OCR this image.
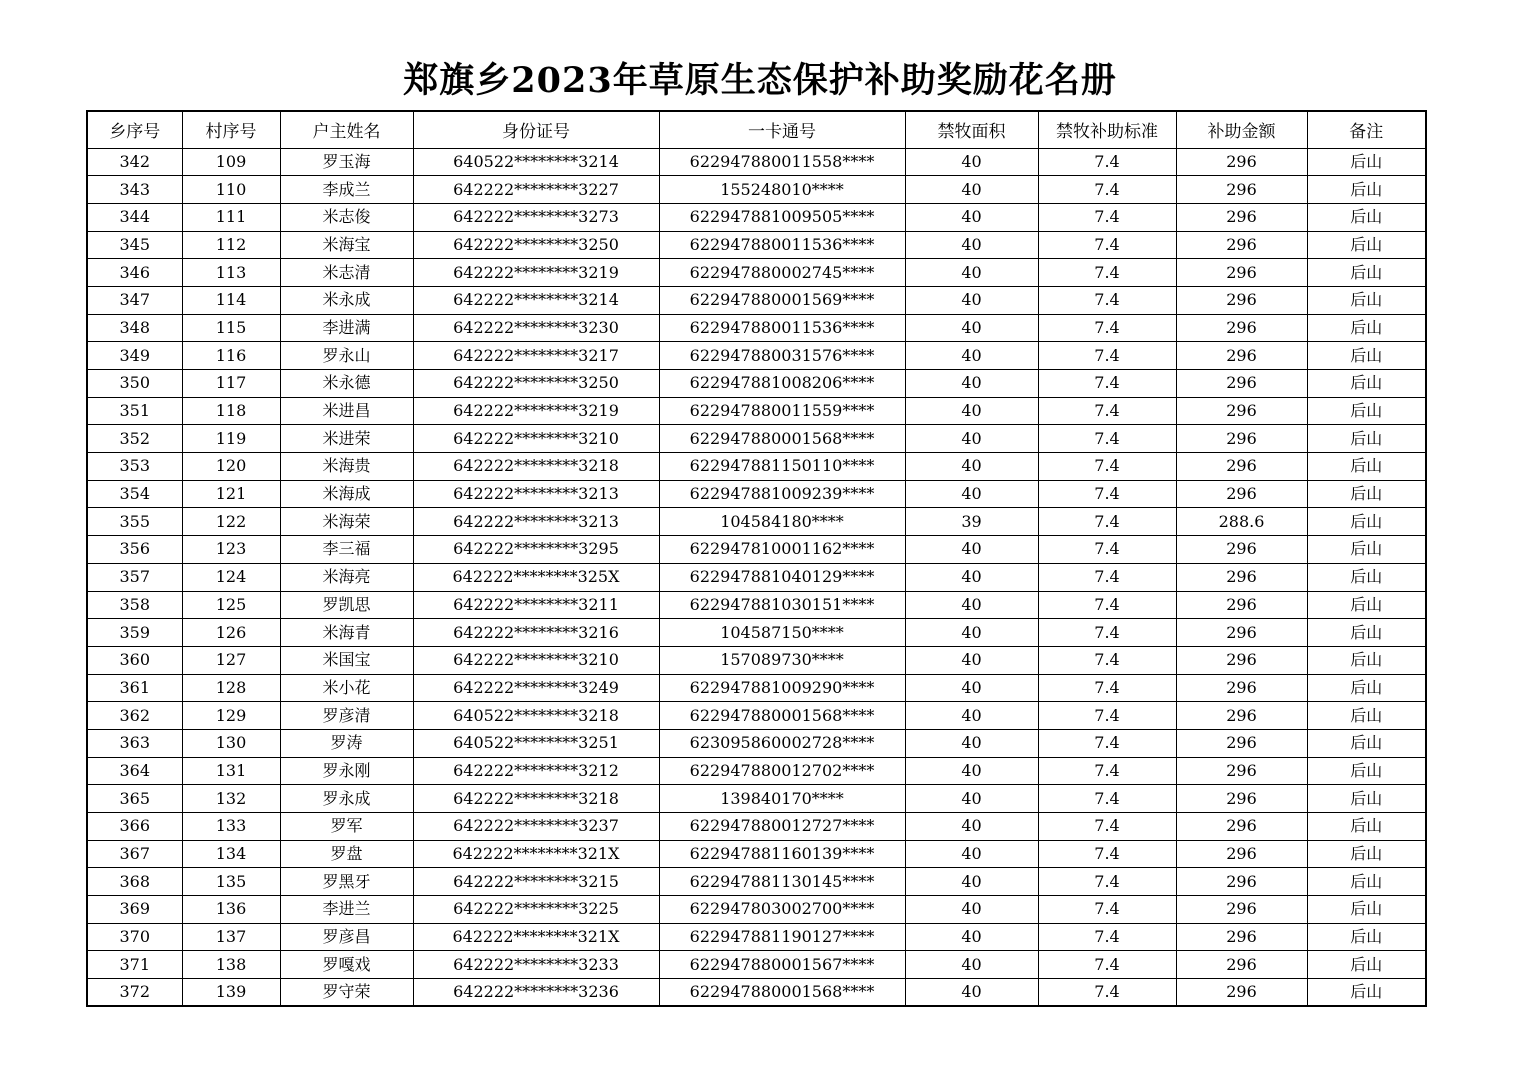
郑旗乡2023年草原生态保护补助奖励花名册
乡序号	村序号	户主姓名	身份证号	一卡通号	禁牧面积	禁牧补助标准	补助金额	备注
342	109	罗玉海	640522********3214	622947880011558****	40	7.4	296	后山
343	110	李成兰	642222********3227	155248010****	40	7.4	296	后山
344	111	米志俊	642222********3273	622947881009505****	40	7.4	296	后山
345	112	米海宝	642222********3250	622947880011536****	40	7.4	296	后山
346	113	米志清	642222********3219	622947880002745****	40	7.4	296	后山
347	114	米永成	642222********3214	622947880001569****	40	7.4	296	后山
348	115	李进满	642222********3230	622947880011536****	40	7.4	296	后山
349	116	罗永山	642222********3217	622947880031576****	40	7.4	296	后山
350	117	米永德	642222********3250	622947881008206****	40	7.4	296	后山
351	118	米进昌	642222********3219	622947880011559****	40	7.4	296	后山
352	119	米进荣	642222********3210	622947880001568****	40	7.4	296	后山
353	120	米海贵	642222********3218	622947881150110****	40	7.4	296	后山
354	121	米海成	642222********3213	622947881009239****	40	7.4	296	后山
355	122	米海荣	642222********3213	104584180****	39	7.4	288.6	后山
356	123	李三福	642222********3295	622947810001162****	40	7.4	296	后山
357	124	米海亮	642222********325X	622947881040129****	40	7.4	296	后山
358	125	罗凯思	642222********3211	622947881030151****	40	7.4	296	后山
359	126	米海青	642222********3216	104587150****	40	7.4	296	后山
360	127	米国宝	642222********3210	157089730****	40	7.4	296	后山
361	128	米小花	642222********3249	622947881009290****	40	7.4	296	后山
362	129	罗彦清	640522********3218	622947880001568****	40	7.4	296	后山
363	130	罗涛	640522********3251	623095860002728****	40	7.4	296	后山
364	131	罗永刚	642222********3212	622947880012702****	40	7.4	296	后山
365	132	罗永成	642222********3218	139840170****	40	7.4	296	后山
366	133	罗军	642222********3237	622947880012727****	40	7.4	296	后山
367	134	罗盘	642222********321X	622947881160139****	40	7.4	296	后山
368	135	罗黑牙	642222********3215	622947881130145****	40	7.4	296	后山
369	136	李进兰	642222********3225	622947803002700****	40	7.4	296	后山
370	137	罗彦昌	642222********321X	622947881190127****	40	7.4	296	后山
371	138	罗嘎戏	642222********3233	622947880001567****	40	7.4	296	后山
372	139	罗守荣	642222********3236	622947880001568****	40	7.4	296	后山
